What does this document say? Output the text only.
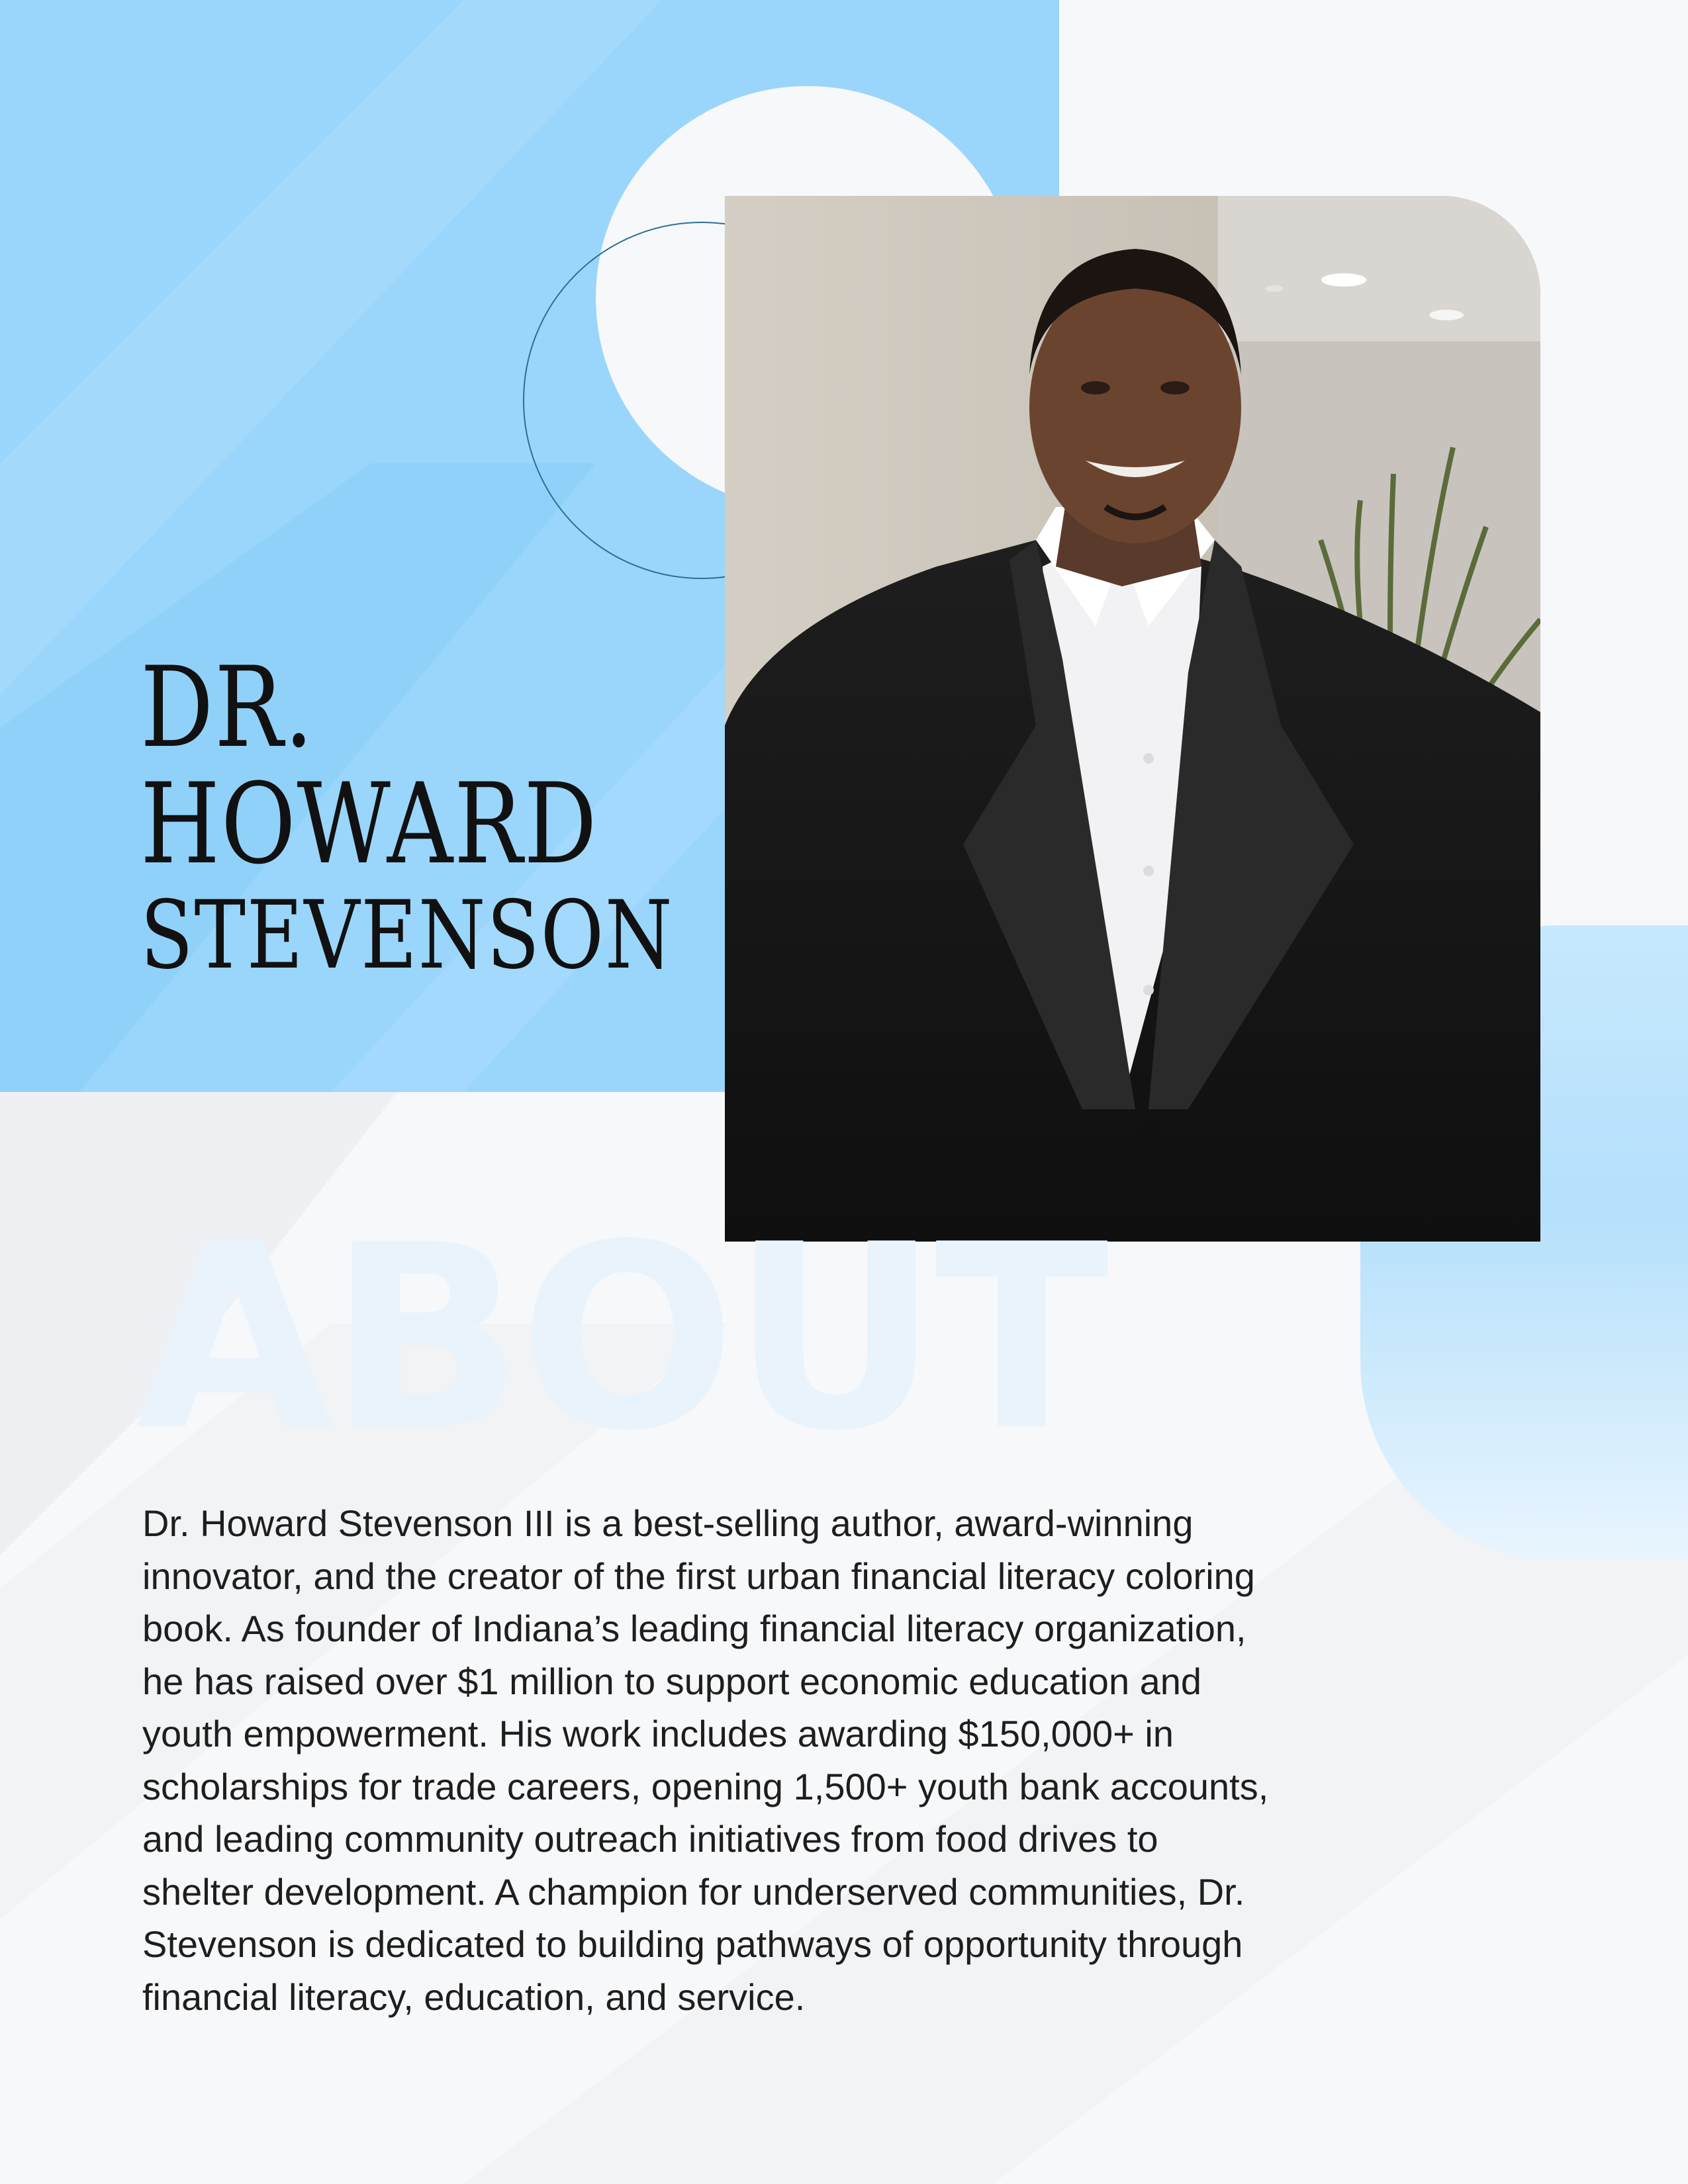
DR.
HOWARD
STEVENSON
ABOUT
Dr. Howard Stevenson III is a best-selling author, award-winning
innovator, and the creator of the first urban financial literacy coloring
book. As founder of Indiana’s leading financial literacy organization,
he has raised over $1 million to support economic education and
youth empowerment. His work includes awarding $150,000+ in
scholarships for trade careers, opening 1,500+ youth bank accounts,
and leading community outreach initiatives from food drives to
shelter development. A champion for underserved communities, Dr.
Stevenson is dedicated to building pathways of opportunity through
financial literacy, education, and service.
